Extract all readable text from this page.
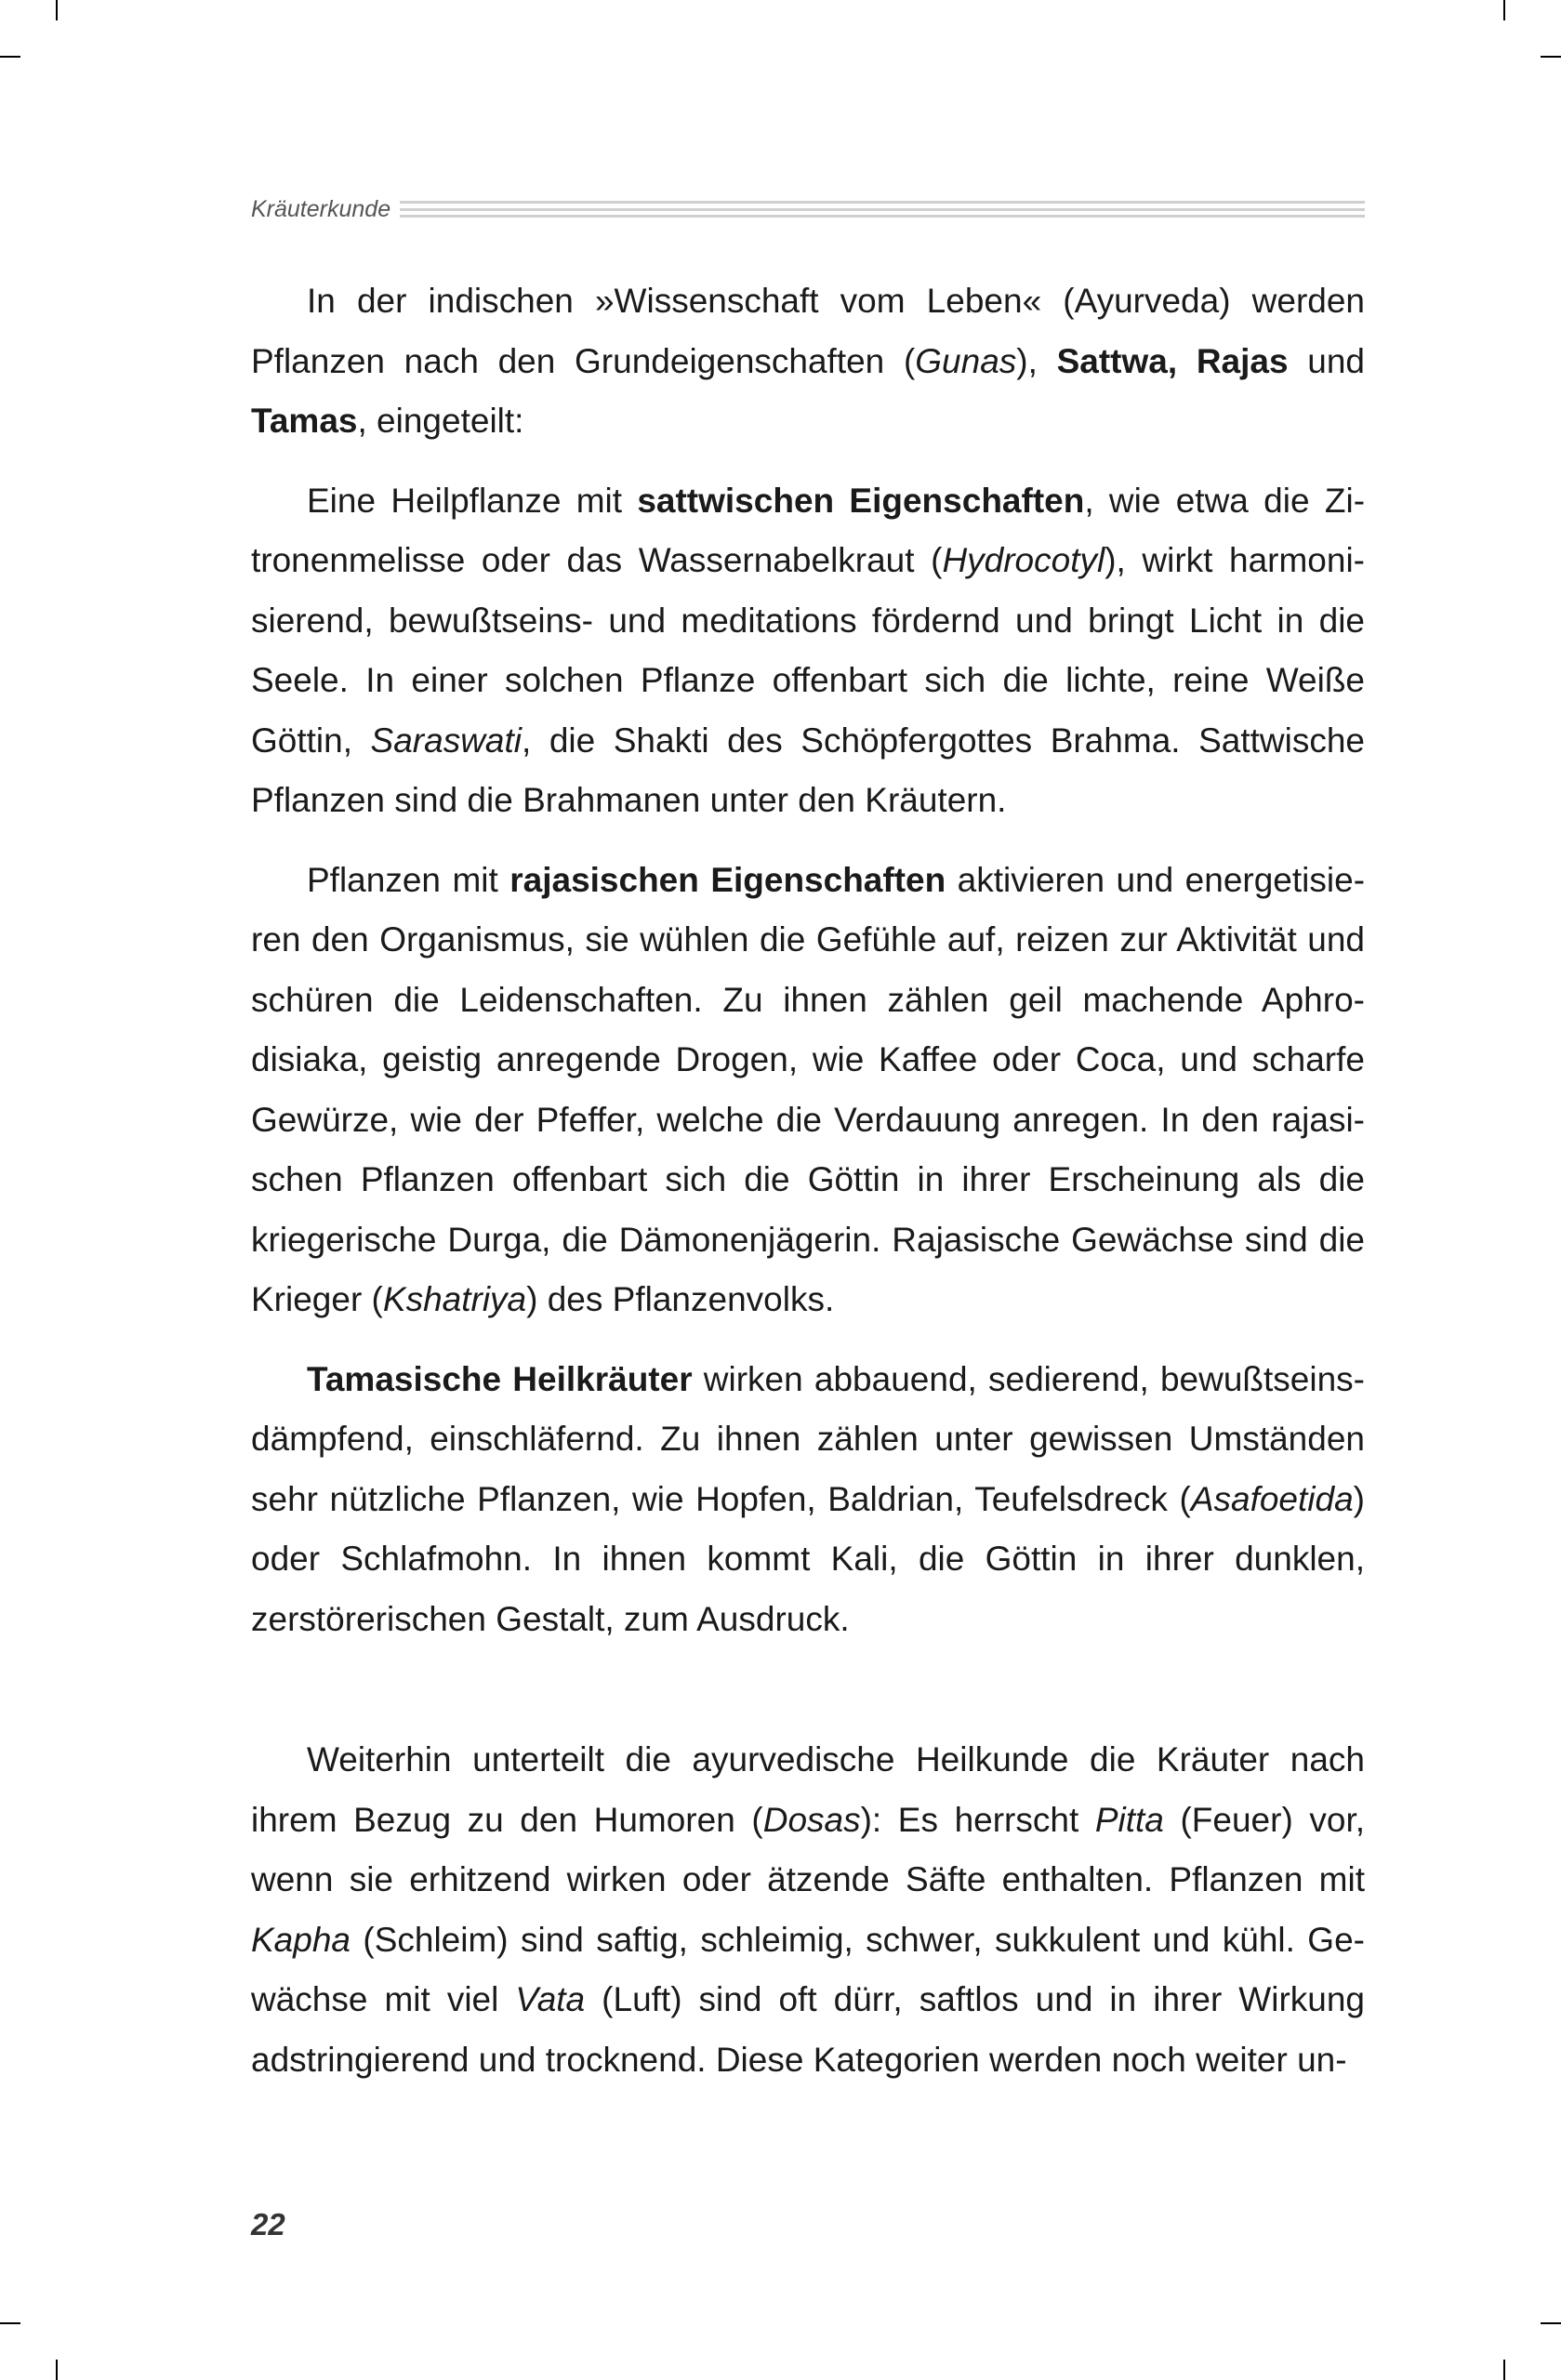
Kräuterkunde

In der indischen »Wissenschaft vom Leben« (Ayurveda) werden Pflanzen nach den Grundeigenschaften (Gunas), Sattwa, Rajas und Tamas, eingeteilt:

Eine Heilpflanze mit sattwischen Eigenschaften, wie etwa die Zitronenmelisse oder das Wassernabelkraut (Hydrocotyl), wirkt harmonisierend, bewußtseins- und meditations fördernd und bringt Licht in die Seele. In einer solchen Pflanze offenbart sich die lichte, reine Weiße Göttin, Saraswati, die Shakti des Schöpfergottes Brahma. Sattwische Pflanzen sind die Brahmanen unter den Kräutern.

Pflanzen mit rajasischen Eigenschaften aktivieren und energetisieren den Organismus, sie wühlen die Gefühle auf, reizen zur Aktivität und schüren die Leidenschaften. Zu ihnen zählen geil machende Aphrodisiaka, geistig anregende Drogen, wie Kaffee oder Coca, und scharfe Gewürze, wie der Pfeffer, welche die Verdauung anregen. In den rajasischen Pflanzen offenbart sich die Göttin in ihrer Erscheinung als die kriegerische Durga, die Dämonenjägerin. Rajasische Gewächse sind die Krieger (Kshatriya) des Pflanzenvolks.

Tamasische Heilkräuter wirken abbauend, sedierend, bewußtseinsdämpfend, einschläfernd. Zu ihnen zählen unter gewissen Umständen sehr nützliche Pflanzen, wie Hopfen, Baldrian, Teufelsdreck (Asafoetida) oder Schlafmohn. In ihnen kommt Kali, die Göttin in ihrer dunklen, zerstörerischen Gestalt, zum Ausdruck.

Weiterhin unterteilt die ayurvedische Heilkunde die Kräuter nach ihrem Bezug zu den Humoren (Dosas): Es herrscht Pitta (Feuer) vor, wenn sie erhitzend wirken oder ätzende Säfte enthalten. Pflanzen mit Kapha (Schleim) sind saftig, schleimig, schwer, sukkulent und kühl. Gewächse mit viel Vata (Luft) sind oft dürr, saftlos und in ihrer Wirkung adstringierend und trocknend. Diese Kategorien werden noch weiter un-

22
